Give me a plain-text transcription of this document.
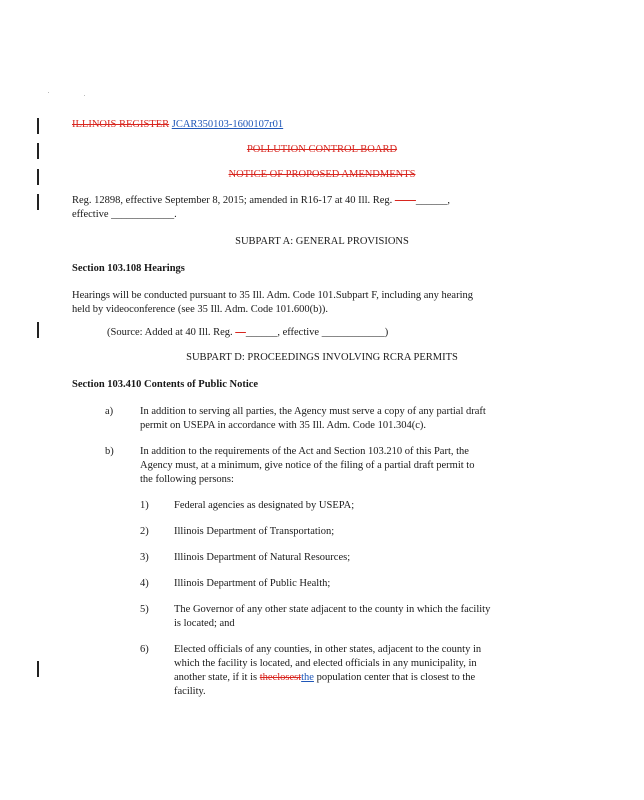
ILLINOIS REGISTER JCAR350103-1600107r01
POLLUTION CONTROL BOARD
NOTICE OF PROPOSED AMENDMENTS
Reg. 12898, effective September 8, 2015; amended in R16-17 at 40 Ill. Reg. ——______,
effective ____________.
SUBPART A: GENERAL PROVISIONS
Section 103.108 Hearings
Hearings will be conducted pursuant to 35 Ill. Adm. Code 101.Subpart F, including any hearing
held by videoconference (see 35 Ill. Adm. Code 101.600(b)).
(Source: Added at 40 Ill. Reg. —______, effective ____________)
SUBPART D: PROCEEDINGS INVOLVING RCRA PERMITS
Section 103.410 Contents of Public Notice
a)	In addition to serving all parties, the Agency must serve a copy of any partial draft
permit on USEPA in accordance with 35 Ill. Adm. Code 101.304(c).
b)	In addition to the requirements of the Act and Section 103.210 of this Part, the
Agency must, at a minimum, give notice of the filing of a partial draft permit to
the following persons:
1) Federal agencies as designated by USEPA;
2) Illinois Department of Transportation;
3) Illinois Department of Natural Resources;
4) Illinois Department of Public Health;
5) The Governor of any other state adjacent to the county in which the facility
is located; and
6) Elected officials of any counties, in other states, adjacent to the county in
which the facility is located, and elected officials in any municipality, in
another state, if it is theclosestthe population center that is closest to the
facility.
